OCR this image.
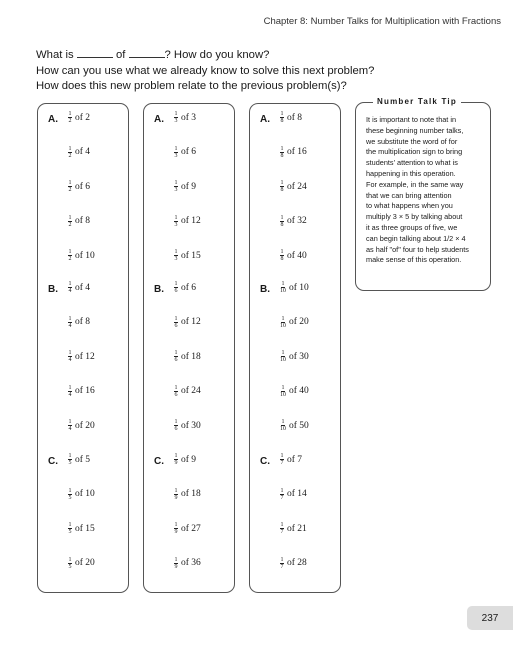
Chapter 8: Number Talks for Multiplication with Fractions
What is	of	? How do you know?
How can you use what we already know to solve this next problem?
How does this new problem relate to the previous problem(s)?
A. $\frac{1}{2}$ of 2
$\frac{1}{2}$ of 4
$\frac{1}{2}$ of 6
$\frac{1}{2}$ of 8
$\frac{1}{2}$ of 10
B. $\frac{1}{4}$ of 4
$\frac{1}{4}$ of 8
$\frac{1}{4}$ of 12
$\frac{1}{4}$ of 16
$\frac{1}{4}$ of 20
C. $\frac{1}{5}$ of 5
$\frac{1}{5}$ of 10
$\frac{1}{5}$ of 15
$\frac{1}{5}$ of 20
A. $\frac{1}{3}$ of 3
$\frac{1}{3}$ of 6
$\frac{1}{3}$ of 9
$\frac{1}{3}$ of 12
$\frac{1}{3}$ of 15
B. $\frac{1}{6}$ of 6
$\frac{1}{6}$ of 12
$\frac{1}{6}$ of 18
$\frac{1}{6}$ of 24
$\frac{1}{6}$ of 30
C. $\frac{1}{9}$ of 9
$\frac{1}{9}$ of 18
$\frac{1}{9}$ of 27
$\frac{1}{9}$ of 36
A. $\frac{1}{8}$ of 8
$\frac{1}{8}$ of 16
$\frac{1}{8}$ of 24
$\frac{1}{8}$ of 32
$\frac{1}{8}$ of 40
B. $\frac{1}{10}$ of 10
$\frac{1}{10}$ of 20
$\frac{1}{10}$ of 30
$\frac{1}{10}$ of 40
$\frac{1}{10}$ of 50
C. $\frac{1}{7}$ of 7
$\frac{1}{7}$ of 14
$\frac{1}{7}$ of 21
$\frac{1}{7}$ of 28
Number Talk Tip
It is important to note that in
these beginning number talks,
we substitute the word of for
the multiplication sign to bring
students' attention to what is
happening in this operation.
For example, in the same way
that we can bring attention
to what happens when you
multiply 3 × 5 by talking about
it as three groups of five, we
can begin talking about 1/2 × 4
as half "of" four to help students
make sense of this operation.
237
